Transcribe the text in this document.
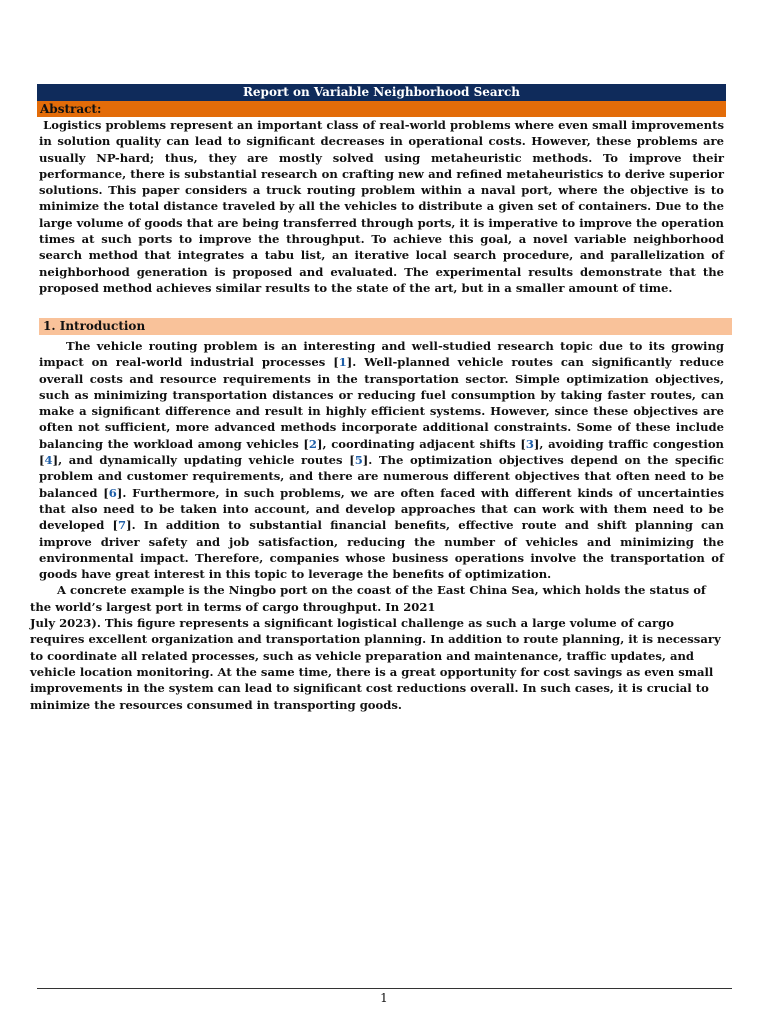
Report on Variable Neighborhood Search
Abstract:
Logistics problems represent an important class of real-world problems where even small improvements in solution quality can lead to significant decreases in operational costs. However, these problems are usually NP-hard; thus, they are mostly solved using metaheuristic methods. To improve their performance, there is substantial research on crafting new and refined metaheuristics to derive superior solutions. This paper considers a truck routing problem within a naval port, where the objective is to minimize the total distance traveled by all the vehicles to distribute a given set of containers. Due to the large volume of goods that are being transferred through ports, it is imperative to improve the operation times at such ports to improve the throughput. To achieve this goal, a novel variable neighborhood search method that integrates a tabu list, an iterative local search procedure, and parallelization of neighborhood generation is proposed and evaluated. The experimental results demonstrate that the proposed method achieves similar results to the state of the art, but in a smaller amount of time.
1. Introduction

The vehicle routing problem is an interesting and well-studied research topic due to its growing impact on real-world industrial processes [1]. Well-planned vehicle routes can significantly reduce overall costs and resource requirements in the transportation sector. Simple optimization objectives, such as minimizing transportation distances or reducing fuel consumption by taking faster routes, can make a significant difference and result in highly efficient systems. However, since these objectives are often not sufficient, more advanced methods incorporate additional constraints. Some of these include balancing the workload among vehicles [2], coordinating adjacent shifts [3], avoiding traffic congestion [4], and dynamically updating vehicle routes [5]. The optimization objectives depend on the specific problem and customer requirements, and there are numerous different objectives that often need to be balanced [6]. Furthermore, in such problems, we are often faced with different kinds of uncertainties that also need to be taken into account, and develop approaches that can work with them need to be developed [7]. In addition to substantial financial benefits, effective route and shift planning can improve driver safety and job satisfaction, reducing the number of vehicles and minimizing the environmental impact. Therefore, companies whose business operations involve the transportation of goods have great interest in this topic to leverage the benefits of optimization.

A concrete example is the Ningbo port on the coast of the East China Sea, which holds the status of the world’s largest port in terms of cargo throughput. In 2021

July 2023). This figure represents a significant logistical challenge as such a large volume of cargo requires excellent organization and transportation planning. In addition to route planning, it is necessary to coordinate all related processes, such as vehicle preparation and maintenance, traffic updates, and vehicle location monitoring. At the same time, there is a great opportunity for cost savings as even small improvements in the system can lead to significant cost reductions overall. In such cases, it is crucial to minimize the resources consumed in transporting goods.

1
